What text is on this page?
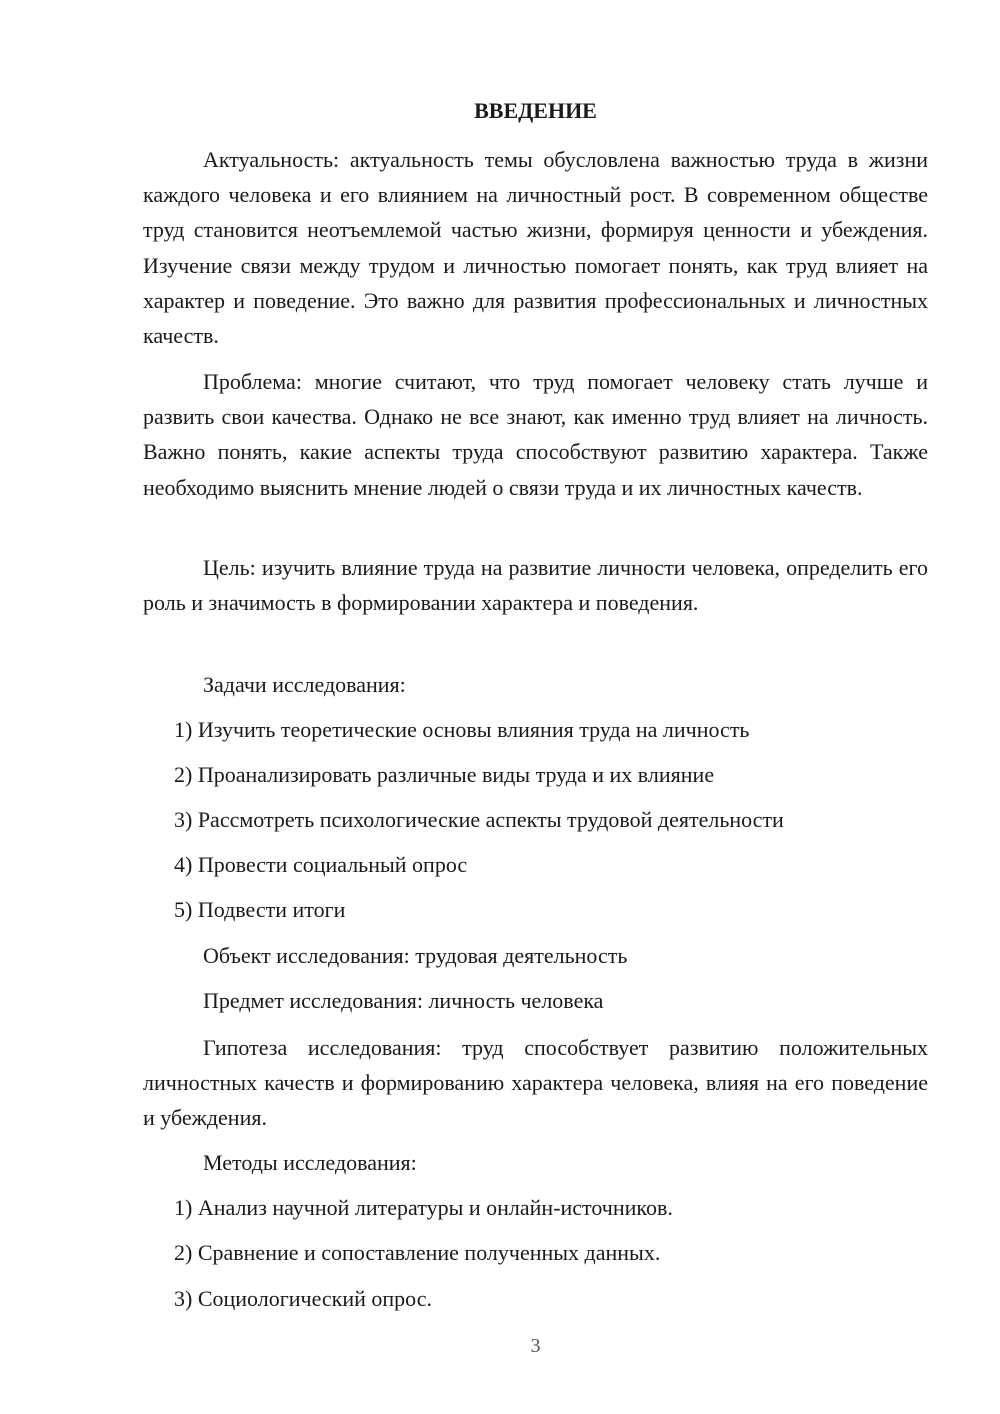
ВВЕДЕНИЕ

Актуальность: актуальность темы обусловлена важностью труда в жизни каждого человека и его влиянием на личностный рост. В современном обществе труд становится неотъемлемой частью жизни, формируя ценности и убеждения. Изучение связи между трудом и личностью помогает понять, как труд влияет на характер и поведение. Это важно для развития профессиональных и личностных качеств.

Проблема: многие считают, что труд помогает человеку стать лучше и развить свои качества. Однако не все знают, как именно труд влияет на личность. Важно понять, какие аспекты труда способствуют развитию характера. Также необходимо выяснить мнение людей о связи труда и их личностных качеств.

Цель: изучить влияние труда на развитие личности человека, определить его роль и значимость в формировании характера и поведения.

Задачи исследования:

1) Изучить теоретические основы влияния труда на личность

2) Проанализировать различные виды труда и их влияние

3) Рассмотреть психологические аспекты трудовой деятельности

4) Провести социальный опрос

5) Подвести итоги

Объект исследования: трудовая деятельность

Предмет исследования: личность человека

Гипотеза исследования: труд способствует развитию положительных личностных качеств и формированию характера человека, влияя на его поведение и убеждения.

Методы исследования:

1) Анализ научной литературы и онлайн-источников.

2) Сравнение и сопоставление полученных данных.

3) Социологический опрос.

3
